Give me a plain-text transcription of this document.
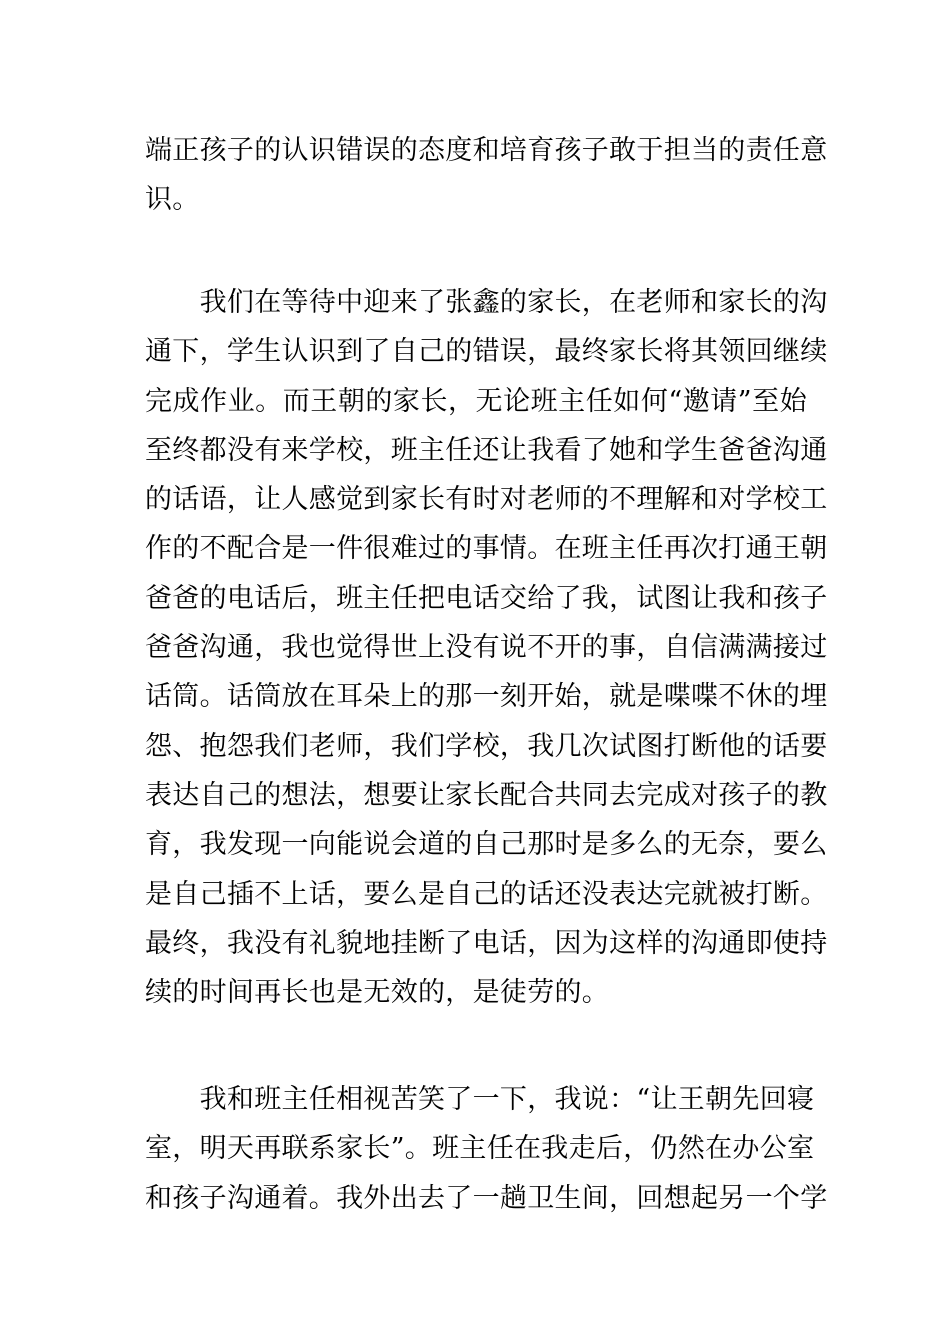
端正孩子的认识错误的态度和培育孩子敢于担当的责任意
识。
　　我们在等待中迎来了张鑫的家长，在老师和家长的沟
通下，学生认识到了自己的错误，最终家长将其领回继续
完成作业。而王朝的家长，无论班主任如何“邀请”至始
至终都没有来学校，班主任还让我看了她和学生爸爸沟通
的话语，让人感觉到家长有时对老师的不理解和对学校工
作的不配合是一件很难过的事情。在班主任再次打通王朝
爸爸的电话后，班主任把电话交给了我，试图让我和孩子
爸爸沟通，我也觉得世上没有说不开的事，自信满满接过
话筒。话筒放在耳朵上的那一刻开始，就是喋喋不休的埋
怨、抱怨我们老师，我们学校，我几次试图打断他的话要
表达自己的想法，想要让家长配合共同去完成对孩子的教
育，我发现一向能说会道的自己那时是多么的无奈，要么
是自己插不上话，要么是自己的话还没表达完就被打断。
最终，我没有礼貌地挂断了电话，因为这样的沟通即使持
续的时间再长也是无效的，是徒劳的。
　　我和班主任相视苦笑了一下，我说：“让王朝先回寝
室，明天再联系家长”。班主任在我走后，仍然在办公室
和孩子沟通着。我外出去了一趟卫生间，回想起另一个学
